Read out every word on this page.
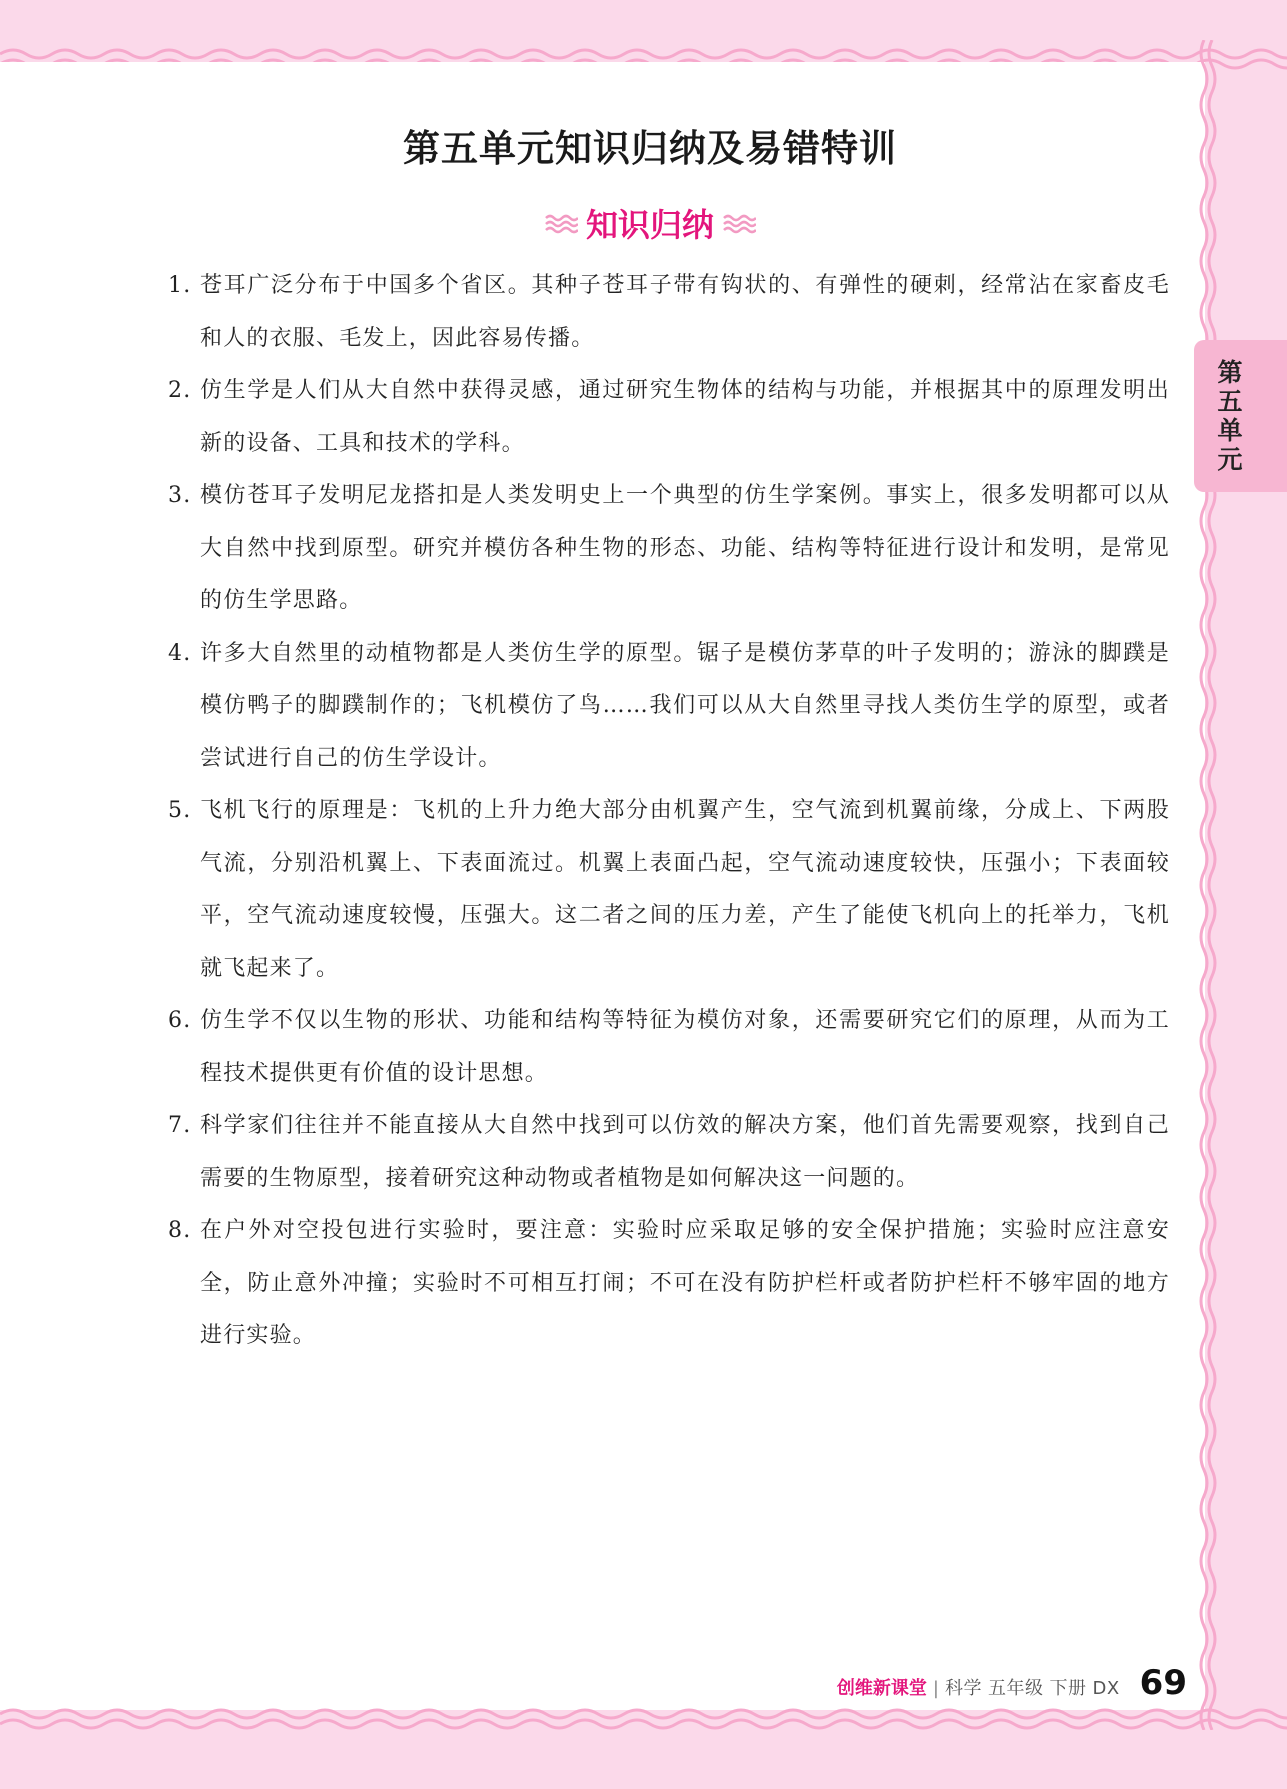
第五单元知识归纳及易错特训
知识归纳
1. 苍耳广泛分布于中国多个省区。其种子苍耳子带有钩状的、有弹性的硬刺，经常沾在家畜皮毛和人的衣服、毛发上，因此容易传播。
2. 仿生学是人们从大自然中获得灵感，通过研究生物体的结构与功能，并根据其中的原理发明出新的设备、工具和技术的学科。
3. 模仿苍耳子发明尼龙搭扣是人类发明史上一个典型的仿生学案例。事实上，很多发明都可以从大自然中找到原型。研究并模仿各种生物的形态、功能、结构等特征进行设计和发明，是常见的仿生学思路。
4. 许多大自然里的动植物都是人类仿生学的原型。锯子是模仿茅草的叶子发明的；游泳的脚蹼是模仿鸭子的脚蹼制作的；飞机模仿了鸟……我们可以从大自然里寻找人类仿生学的原型，或者尝试进行自己的仿生学设计。
5. 飞机飞行的原理是：飞机的上升力绝大部分由机翼产生，空气流到机翼前缘，分成上、下两股气流，分别沿机翼上、下表面流过。机翼上表面凸起，空气流动速度较快，压强小；下表面较平，空气流动速度较慢，压强大。这二者之间的压力差，产生了能使飞机向上的托举力，飞机就飞起来了。
6. 仿生学不仅以生物的形状、功能和结构等特征为模仿对象，还需要研究它们的原理，从而为工程技术提供更有价值的设计思想。
7. 科学家们往往并不能直接从大自然中找到可以仿效的解决方案，他们首先需要观察，找到自己需要的生物原型，接着研究这种动物或者植物是如何解决这一问题的。
8. 在户外对空投包进行实验时，要注意：实验时应采取足够的安全保护措施；实验时应注意安全，防止意外冲撞；实验时不可相互打闹；不可在没有防护栏杆或者防护栏杆不够牢固的地方进行实验。
第五单元
创维新课堂 | 科学 五年级 下册 DX 69
